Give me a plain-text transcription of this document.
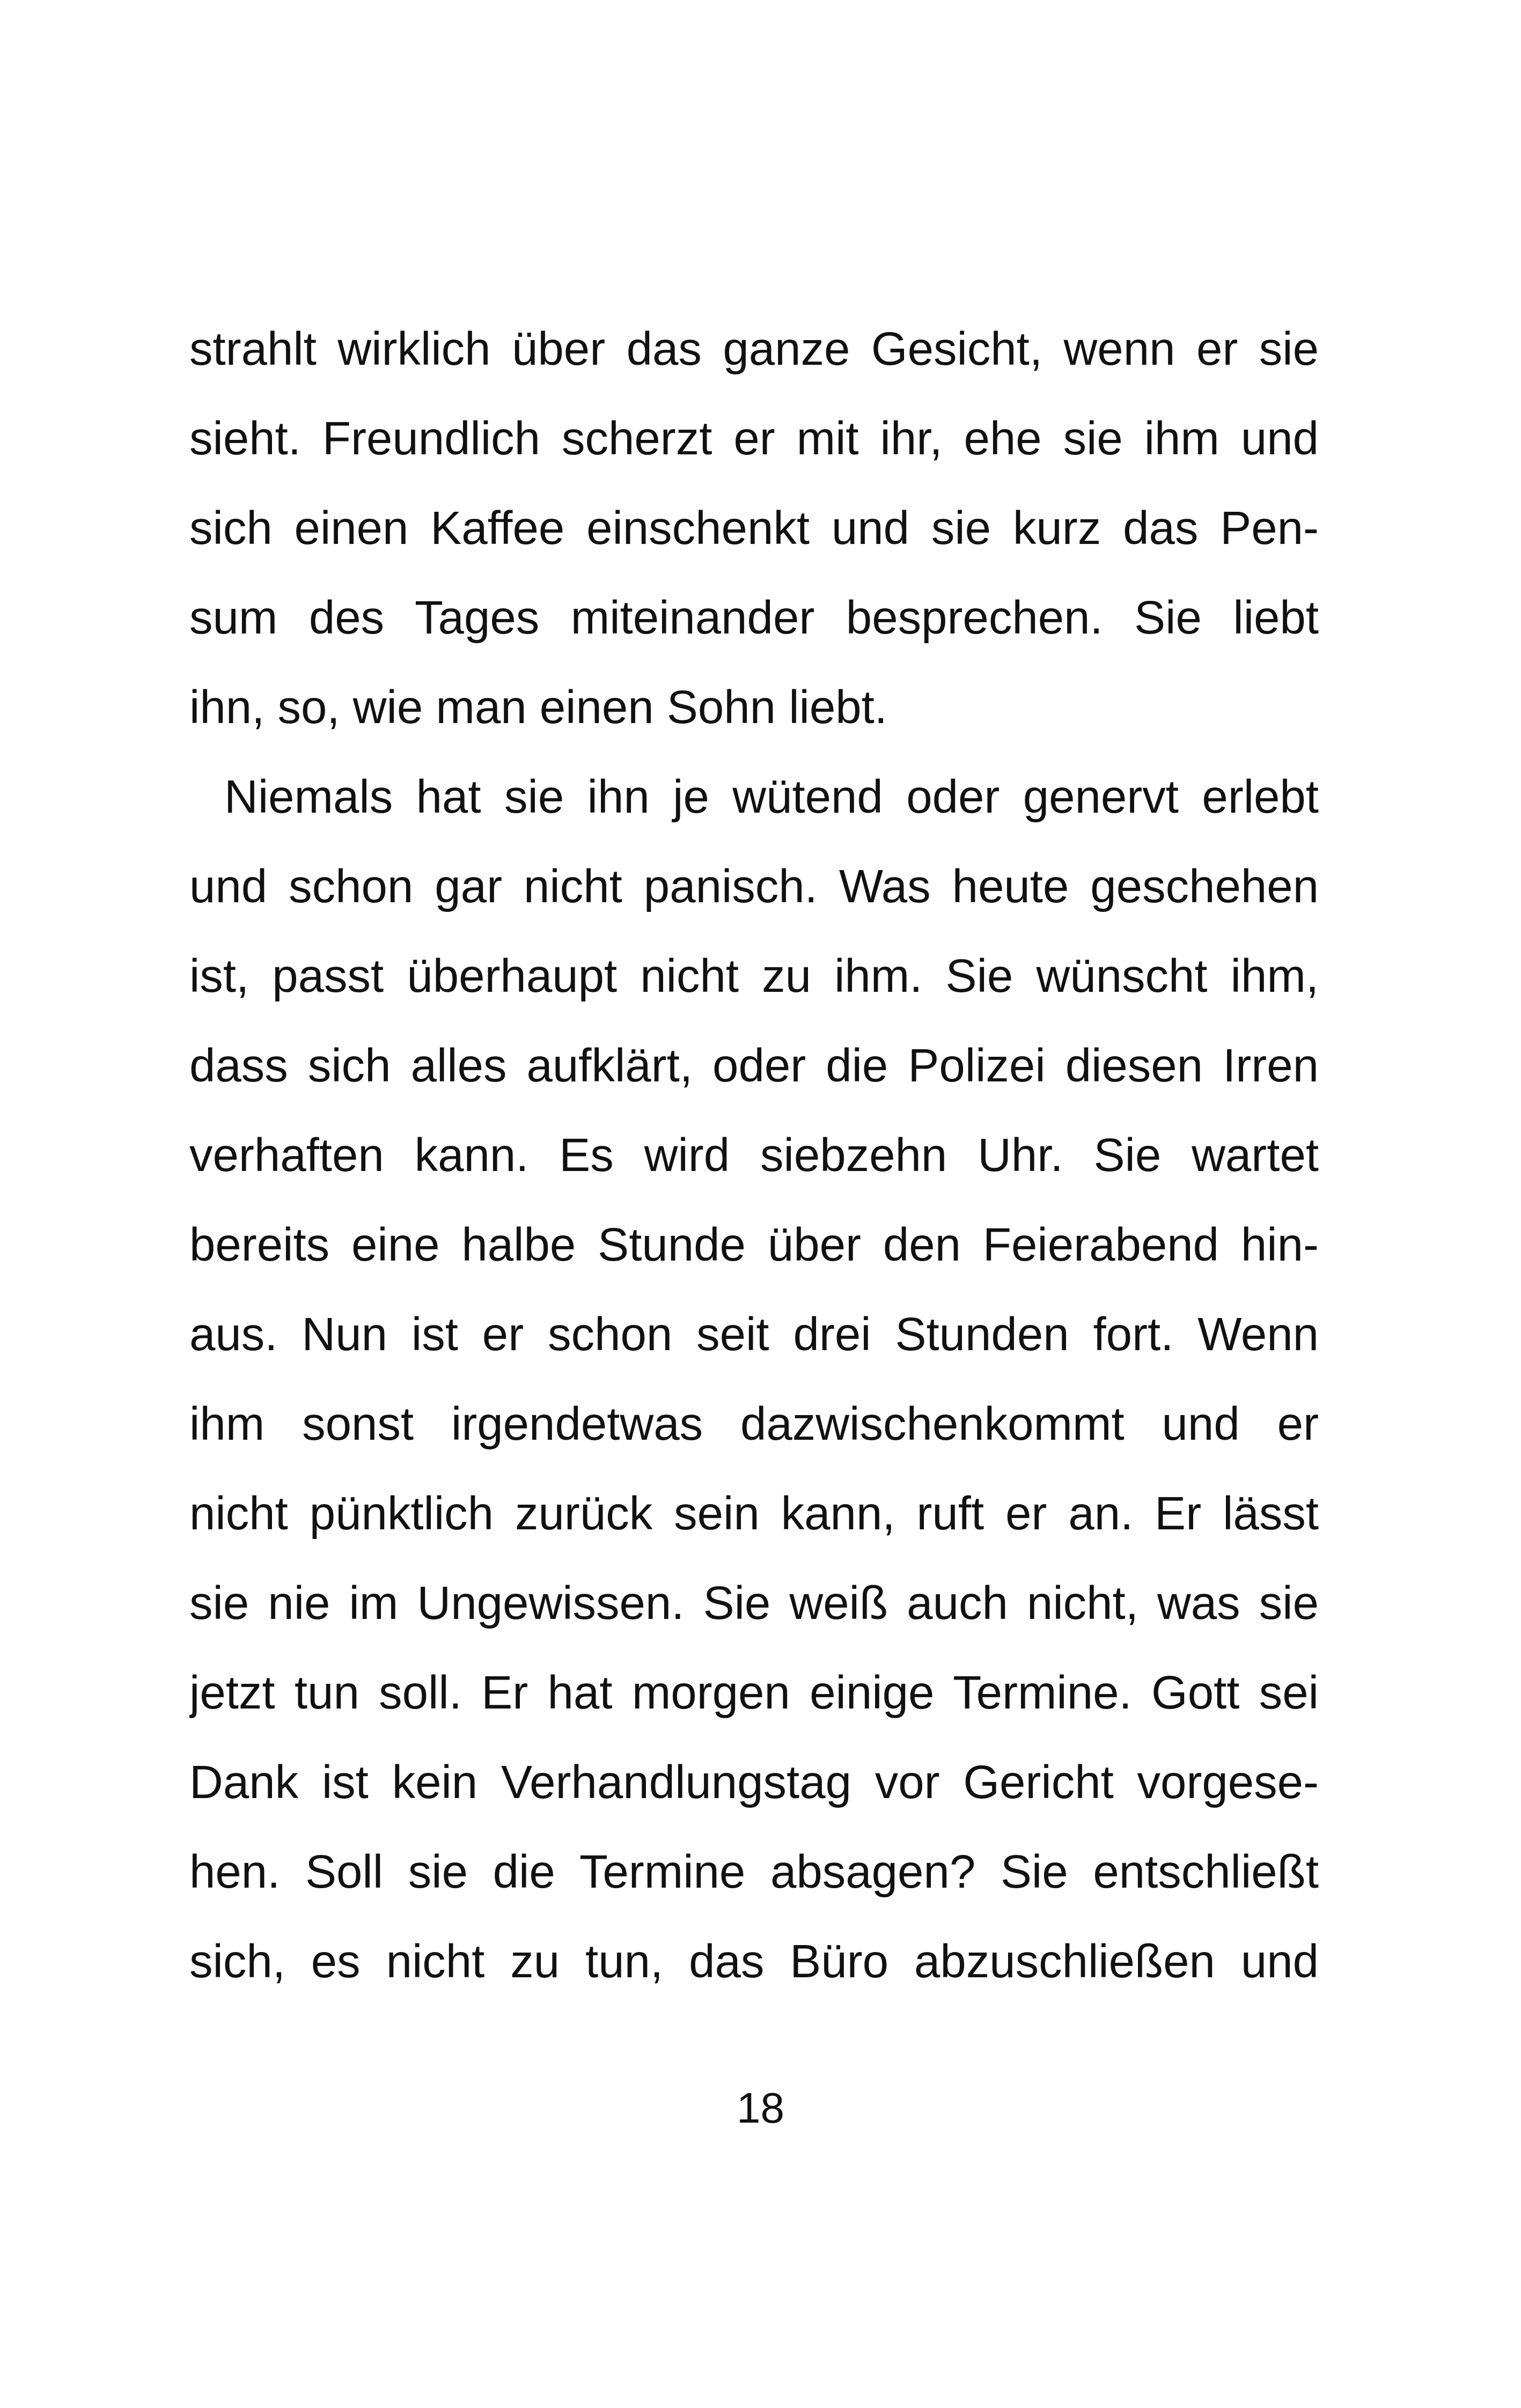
strahlt wirklich über das ganze Gesicht, wenn er sie
sieht. Freundlich scherzt er mit ihr, ehe sie ihm und
sich einen Kaffee einschenkt und sie kurz das Pen-
sum des Tages miteinander besprechen. Sie liebt
ihn, so, wie man einen Sohn liebt.
Niemals hat sie ihn je wütend oder genervt erlebt
und schon gar nicht panisch. Was heute geschehen
ist, passt überhaupt nicht zu ihm. Sie wünscht ihm,
dass sich alles aufklärt, oder die Polizei diesen Irren
verhaften kann. Es wird siebzehn Uhr. Sie wartet
bereits eine halbe Stunde über den Feierabend hin-
aus. Nun ist er schon seit drei Stunden fort. Wenn
ihm sonst irgendetwas dazwischenkommt und er
nicht pünktlich zurück sein kann, ruft er an. Er lässt
sie nie im Ungewissen. Sie weiß auch nicht, was sie
jetzt tun soll. Er hat morgen einige Termine. Gott sei
Dank ist kein Verhandlungstag vor Gericht vorgese-
hen. Soll sie die Termine absagen? Sie entschließt
sich, es nicht zu tun, das Büro abzuschließen und
18
